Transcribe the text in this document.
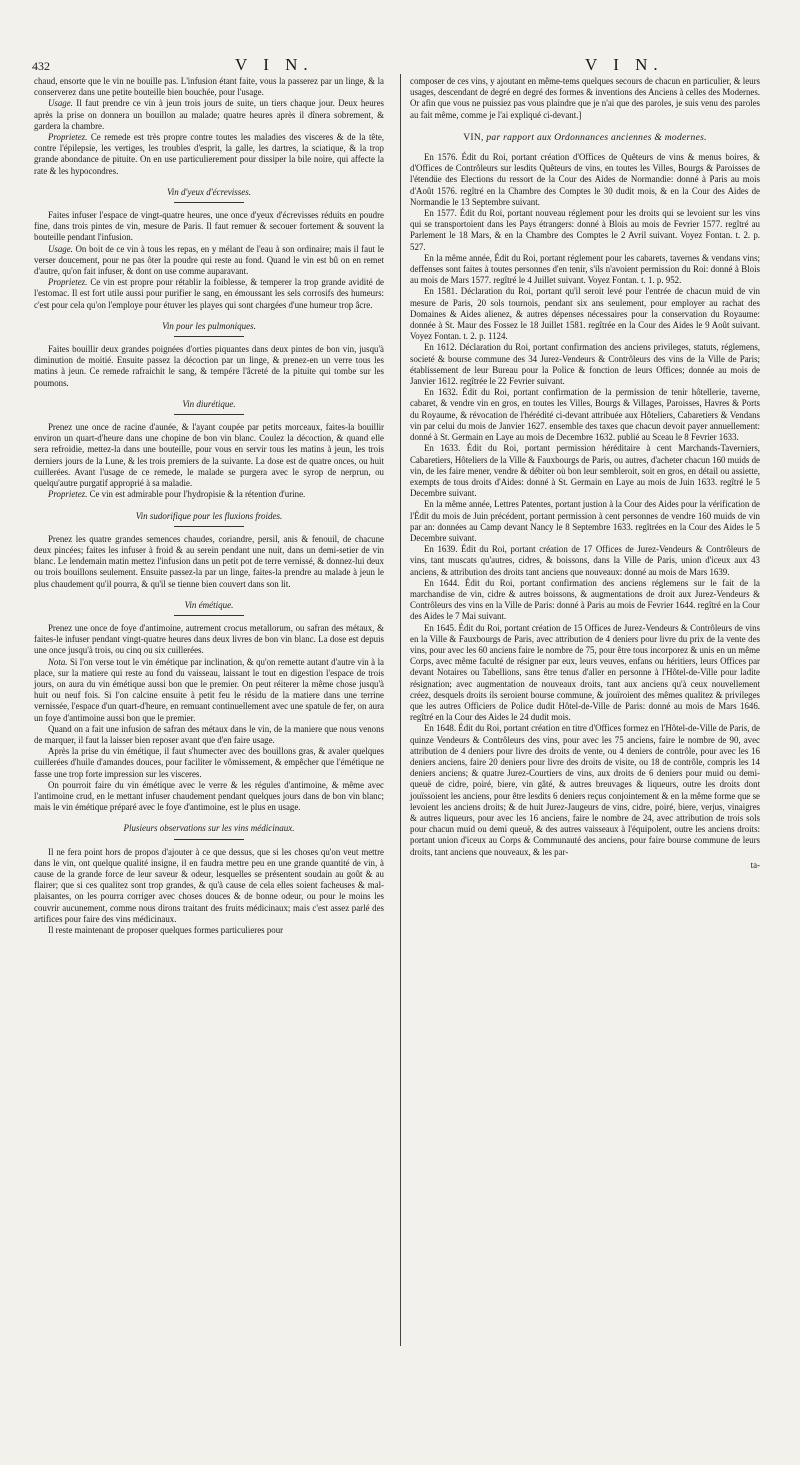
432	V I N.	V I N.

chaud, ensorte que le vin ne bouille pas. L'infusion étant faite, vous la passerez par un linge, & la conserverez dans une petite bouteille bien bouchée, pour l'usage.

Usage. Il faut prendre ce vin à jeun trois jours de suite, un tiers chaque jour. Deux heures après la prise on donnera un bouillon au malade; quatre heures après il dînera sobrement, & gardera la chambre.

Proprietez. Ce remede est très propre contre toutes les maladies des visceres & de la tête, contre l'épilepsie, les vertiges, les troubles d'esprit, la galle, les dartres, la sciatique, & la trop grande abondance de pituite. On en use particulierement pour dissiper la bile noire, qui affecte la rate & les hypocondres.

Vin d'yeux d'écrevisses.

Faites infuser l'espace de vingt-quatre heures, une once d'yeux d'écrevisses réduits en poudre fine, dans trois pintes de vin, mesure de Paris. Il faut remuer & secouer fortement & souvent la bouteille pendant l'infusion.

Usage. On boit de ce vin à tous les repas, en y mélant de l'eau à son ordinaire; mais il faut le verser doucement, pour ne pas ôter la poudre qui reste au fond. Quand le vin est bû on en remet d'autre, qu'on fait infuser, & dont on use comme auparavant.

Proprietez. Ce vin est propre pour rétablir la foiblesse, & temperer la trop grande avidité de l'estomac. Il est fort utile aussi pour purifier le sang, en émoussant les sels corrosifs des humeurs: c'est pour cela qu'on l'employe pour étuver les playes qui sont chargées d'une humeur trop âcre.

Vin pour les pulmoniques.

Faites bouillir deux grandes poignées d'orties piquantes dans deux pintes de bon vin, jusqu'à diminution de moitié. Ensuite passez la décoction par un linge, & prenez-en un verre tous les matins à jeun. Ce remede rafraichit le sang, & tempére l'âcreté de la pituite qui tombe sur les poumons.

Vin diurétique.

Prenez une once de racine d'aunée, & l'ayant coupée par petits morceaux, faites-la bouillir environ un quart-d'heure dans une chopine de bon vin blanc. Coulez la décoction, & quand elle sera refroidie, mettez-la dans une bouteille, pour vous en servir tous les matins à jeun, les trois derniers jours de la Lune, & les trois premiers de la suivante. La dose est de quatre onces, ou huit cuillerées. Avant l'usage de ce remede, le malade se purgera avec le syrop de nerprun, ou quelqu'autre purgatif approprié à sa maladie.

Proprietez. Ce vin est admirable pour l'hydropisie & la rétention d'urine.

Vin sudorifique pour les fluxions froides.

Prenez les quatre grandes semences chaudes, coriandre, persil, anis & fenouil, de chacune deux pincées; faites les infuser à froid & au serein pendant une nuit, dans un demi-setier de vin blanc. Le lendemain matin mettez l'infusion dans un petit pot de terre vernissé, & donnez-lui deux ou trois bouillons seulement. Ensuite passez-la par un linge, faites-la prendre au malade à jeun le plus chaudement qu'il pourra, & qu'il se tienne bien couvert dans son lit.

Vin émétique.

Prenez une once de foye d'antimoine, autrement crocus metallorum, ou safran des métaux, & faites-le infuser pendant vingt-quatre heures dans deux livres de bon vin blanc. La dose est depuis une once jusqu'à trois, ou cinq ou six cuillerées.

Nota. Si l'on verse tout le vin émétique par inclination, & qu'on remette autant d'autre vin à la place, sur la matiere qui reste au fond du vaisseau, laissant le tout en digestion l'espace de trois jours, on aura du vin émétique aussi bon que le premier. On peut réiterer la même chose jusqu'à huit ou neuf fois. Si l'on calcine ensuite à petit feu le résidu de la matiere dans une terrine vernissée, l'espace d'un quart-d'heure, en remuant continuellement avec une spatule de fer, on aura un foye d'antimoine aussi bon que le premier.

Quand on a fait une infusion de safran des métaux dans le vin, de la maniere que nous venons de marquer, il faut la laisser bien reposer avant que d'en faire usage.

Après la prise du vin émétique, il faut s'humecter avec des bouillons gras, & avaler quelques cuillerées d'huile d'amandes douces, pour faciliter le vômissement, & empêcher que l'émétique ne fasse une trop forte impression sur les visceres.

On pourroit faire du vin émétique avec le verre & les régules d'antimoine, & même avec l'antimoine crud, en le mettant infuser chaudement pendant quelques jours dans de bon vin blanc; mais le vin émétique préparé avec le foye d'antimoine, est le plus en usage.

Plusieurs observations sur les vins médicinaux.

Il ne fera point hors de propos d'ajouter à ce que dessus, que si les choses qu'on veut mettre dans le vin, ont quelque qualité insigne, il en faudra mettre peu en une grande quantité de vin, à cause de la grande force de leur saveur & odeur, lesquelles se présentent soudain au goût & au flairer; que si ces qualitez sont trop grandes, & qu'à cause de cela elles soient facheuses & mal-plaisantes, on les pourra corriger avec choses douces & de bonne odeur, ou pour le moins les couvrir aucunement, comme nous dirons traitant des fruits médicinaux; mais c'est assez parlé des artifices pour faire des vins médicinaux.

Il reste maintenant de proposer quelques formes particulieres pour

composer de ces vins, y ajoutant en même-tems quelques secours de chacun en particulier, & leurs usages, descendant de degré en degré des formes & inventions des Anciens à celles des Modernes. Or afin que vous ne puissiez pas vous plaindre que je n'ai que des paroles, je suis venu des paroles au fait même, comme je l'ai expliqué ci-devant.]

VIN, par rapport aux Ordonnances anciennes & modernes.

En 1576. Édit du Roi, portant création d'Offices de Quêteurs de vins & menus boires, & d'Offices de Contrôleurs sur lesdits Quêteurs de vins, en toutes les Villes, Bourgs & Paroisses de l'étendüe des Elections du ressort de la Cour des Aides de Normandie: donné à Paris au mois d'Août 1576. regîtré en la Chambre des Comptes le 30 dudit mois, & en la Cour des Aides de Normandie le 13 Septembre suivant.

En 1577. Édit du Roi, portant nouveau réglement pour les droits qui se levoient sur les vins qui se transportoient dans les Pays étrangers: donné à Blois au mois de Fevrier 1577. regîtré au Parlement le 18 Mars, & en la Chambre des Comptes le 2 Avril suivant. Voyez Fontan. t. 2. p. 527.

En la même année, Édit du Roi, portant réglement pour les cabarets, tavernes & vendans vins; deffenses sont faites à toutes personnes d'en tenir, s'ils n'avoient permission du Roi: donné à Blois au mois de Mars 1577. regîtré le 4 Juillet suivant. Voyez Fontan. t. 1. p. 952.

En 1581. Déclaration du Roi, portant qu'il seroit levé pour l'entrée de chacun muid de vin mesure de Paris, 20 sols tournois, pendant six ans seulement, pour employer au rachat des Domaines & Aides alienez, & autres dépenses nécessaires pour la conservation du Royaume: donnée à St. Maur des Fossez le 18 Juillet 1581. regîtrée en la Cour des Aides le 9 Août suivant. Voyez Fontan. t. 2. p. 1124.

En 1612. Déclaration du Roi, portant confirmation des anciens privileges, statuts, réglemens, societé & bourse commune des 34 Jurez-Vendeurs & Contrôleurs des vins de la Ville de Paris; établissement de leur Bureau pour la Police & fonction de leurs Offices; donnée au mois de Janvier 1612. regîtrée le 22 Fevrier suivant.

En 1632. Édit du Roi, portant confirmation de la permission de tenir hôtellerie, taverne, cabaret, & vendre vin en gros, en toutes les Villes, Bourgs & Villages, Paroisses, Havres & Ports du Royaume, & révocation de l'hérédité ci-devant attribuée aux Hôteliers, Cabaretiers & Vendans vin par celui du mois de Janvier 1627. ensemble des taxes que chacun devoit payer annuellement: donné à St. Germain en Laye au mois de Decembre 1632. publié au Sceau le 8 Fevrier 1633.

En 1633. Édit du Roi, portant permission héréditaire à cent Marchands-Taverniers, Cabaretiers, Hôteliers de la Ville & Fauxbourgs de Paris, ou autres, d'acheter chacun 160 muids de vin, de les faire mener, vendre & débiter où bon leur sembleroit, soit en gros, en détail ou assiette, exempts de tous droits d'Aides: donné à St. Germain en Laye au mois de Juin 1633. regîtré le 5 Decembre suivant.

En la même année, Lettres Patentes, portant justion à la Cour des Aides pour la vérification de l'Édit du mois de Juin précédent, portant permission à cent personnes de vendre 160 muids de vin par an: données au Camp devant Nancy le 8 Septembre 1633. regîtrées en la Cour des Aides le 5 Decembre suivant.

En 1639. Édit du Roi, portant création de 17 Offices de Jurez-Vendeurs & Contrôleurs de vins, tant muscats qu'autres, cidres, & boissons, dans la Ville de Paris, union d'iceux aux 43 anciens, & attribution des droits tant anciens que nouveaux: donné au mois de Mars 1639.

En 1644. Édit du Roi, portant confirmation des anciens réglemens sur le fait de la marchandise de vin, cidre & autres boissons, & augmentations de droit aux Jurez-Vendeurs & Contrôleurs des vins en la Ville de Paris: donné à Paris au mois de Fevrier 1644. regîtré en la Cour des Aides le 7 Mai suivant.

En 1645. Édit du Roi, portant création de 15 Offices de Jurez-Vendeurs & Contrôleurs de vins en la Ville & Fauxbourgs de Paris, avec attribution de 4 deniers pour livre du prix de la vente des vins, pour avec les 60 anciens faire le nombre de 75, pour être tous incorporez & unis en un même Corps, avec même faculté de résigner par eux, leurs veuves, enfans ou héritiers, leurs Offices par devant Notaires ou Tabellions, sans être tenus d'aller en personne à l'Hôtel-de-Ville pour ladite résignation; avec augmentation de nouveaux droits, tant aux anciens qu'à ceux nouvellement créez, desquels droits ils seroient bourse commune, & jouïroient des mêmes qualitez & privileges que les autres Officiers de Police dudit Hôtel-de-Ville de Paris: donné au mois de Mars 1646. regîtré en la Cour des Aides le 24 dudit mois.

En 1648. Édit du Roi, portant création en titre d'Offices formez en l'Hôtel-de-Ville de Paris, de quinze Vendeurs & Contrôleurs des vins, pour avec les 75 anciens, faire le nombre de 90, avec attribution de 4 deniers pour livre des droits de vente, ou 4 deniers de contrôle, pour avec les 16 deniers anciens, faire 20 deniers pour livre des droits de visite, ou 18 de contrôle, compris les 14 deniers anciens; & quatre Jurez-Courtiers de vins, aux droits de 6 deniers pour muid ou demi-queuë de cidre, poiré, biere, vin gâté, & autres breuvages & liqueurs, outre les droits dont jouïssoient les anciens, pour être lesdits 6 deniers reçus conjointement & en la même forme que se levoient les anciens droits; & de huit Jurez-Jaugeurs de vins, cidre, poiré, biere, verjus, vinaigres & autres liqueurs, pour avec les 16 anciens, faire le nombre de 24, avec attribution de trois sols pour chacun muid ou demi queuë, & des autres vaisseaux à l'équipolent, outre les anciens droits: portant union d'iceux au Corps & Communauté des anciens, pour faire bourse commune de leurs droits, tant anciens que nouveaux, & les par-

ta-
